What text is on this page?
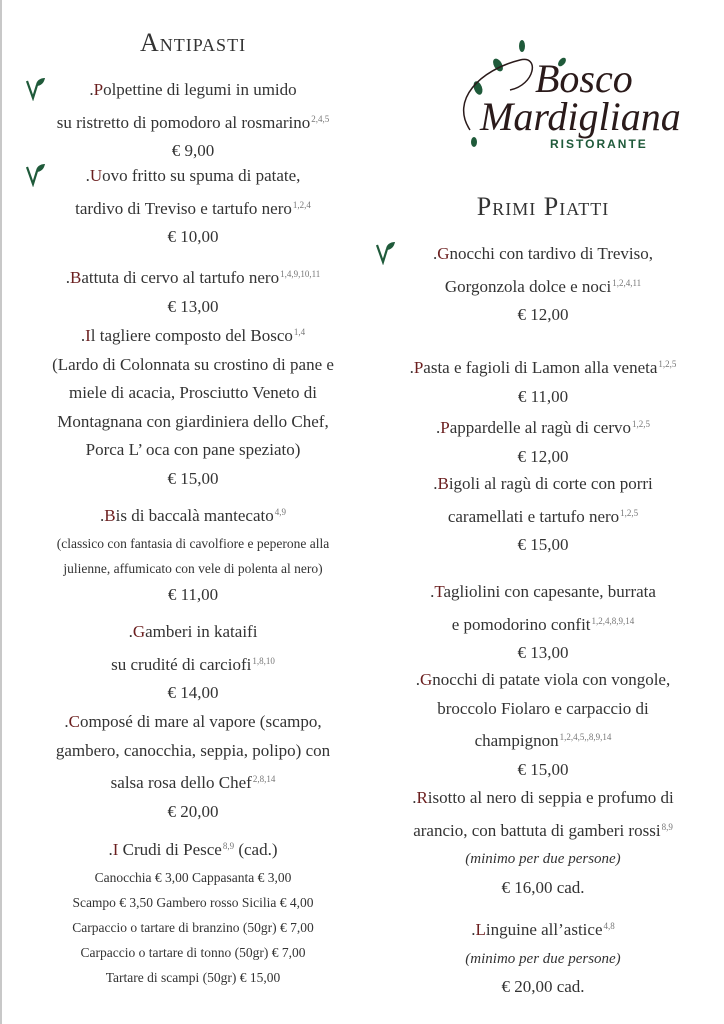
Bosco
Mardigliana
RISTORANTE
Antipasti
.Polpettine di legumi in umido
su ristretto di pomodoro al rosmarino$^{2,4,5}$
€ 9,00
.Uovo fritto su spuma di patate,
tardivo di Treviso e tartufo nero$^{1,2,4}$
€ 10,00
.Battuta di cervo al tartufo nero$^{1,4,9,10,11}$
€ 13,00
.Il tagliere composto del Bosco$^{1,4}$
(Lardo di Colonnata su crostino di pane e
miele di acacia, Prosciutto Veneto di
Montagnana con giardiniera dello Chef,
Porca L’ oca con pane speziato)
€ 15,00
.Bis di baccalà mantecato$^{4,9}$
(classico con fantasia di cavolfiore e peperone alla
julienne, affumicato con vele di polenta al nero)
€ 11,00
.Gamberi in kataifi
su crudité di carciofi$^{1,8,10}$
€ 14,00
.Composé di mare al vapore (scampo,
gambero, canocchia, seppia, polipo) con
salsa rosa dello Chef$^{2,8,14}$
€ 20,00
.I Crudi di Pesce$^{8,9}$ (cad.)
Canocchia € 3,00 Cappasanta € 3,00
Scampo € 3,50 Gambero rosso Sicilia € 4,00
Carpaccio o tartare di branzino (50gr) € 7,00
Carpaccio o tartare di tonno (50gr) € 7,00
Tartare di scampi (50gr) € 15,00
Primi Piatti
.Gnocchi con tardivo di Treviso,
Gorgonzola dolce e noci$^{1,2,4,11}$
€ 12,00
.Pasta e fagioli di Lamon alla veneta$^{1,2,5}$
€ 11,00
.Pappardelle al ragù di cervo$^{1,2,5}$
€ 12,00
.Bigoli al ragù di corte con porri
caramellati e tartufo nero$^{1,2,5}$
€ 15,00
.Tagliolini con capesante, burrata
e pomodorino confit$^{1,2,4,8,9,14}$
€ 13,00
.Gnocchi di patate viola con vongole,
broccolo Fiolaro e carpaccio di
champignon$^{1,2,4,5,,8,9,14}$
€ 15,00
.Risotto al nero di seppia e profumo di
arancio, con battuta di gamberi rossi$^{8,9}$
(minimo per due persone)
€ 16,00 cad.
.Linguine all’astice$^{4,8}$
(minimo per due persone)
€ 20,00 cad.
